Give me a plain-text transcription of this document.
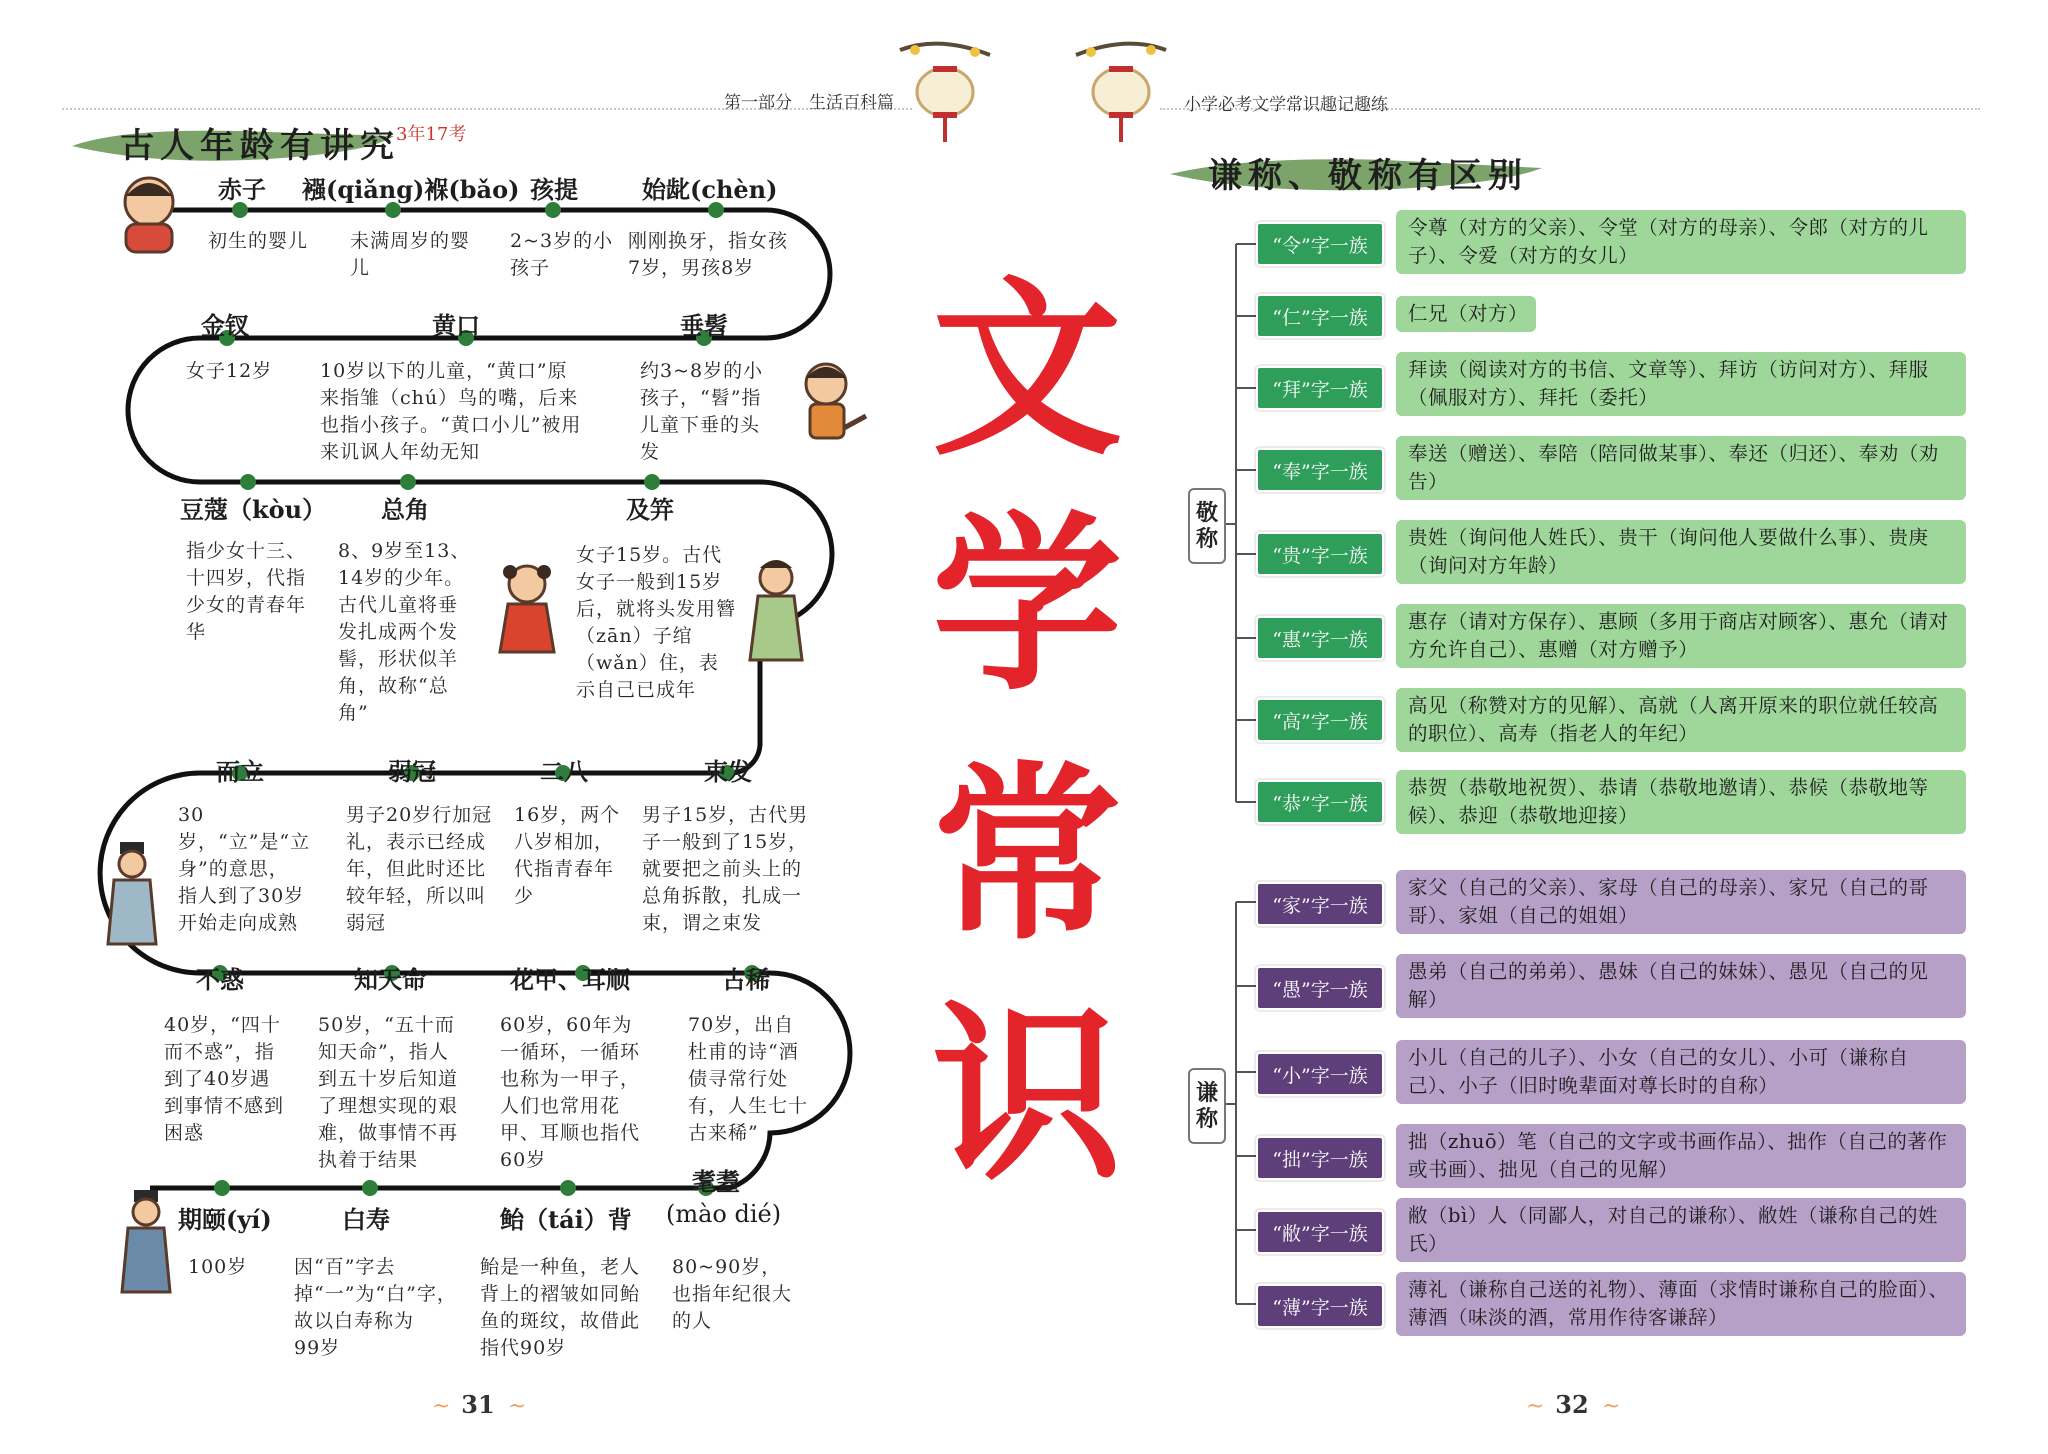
第一部分　生活百科篇
古人年龄有讲究
3年17考
赤子
初生的婴儿
襁(qiǎng)褓(bǎo)
未满周岁的婴儿
孩提
2~3岁的小孩子
始龀(chèn)
刚刚换牙，指女孩7岁，男孩8岁
金钗
女子12岁
黄口
10岁以下的儿童，“黄口”原来指雏（chú）鸟的嘴，后来也指小孩子。“黄口小儿”被用来讥讽人年幼无知
垂髫
约3~8岁的小孩子，“髫”指儿童下垂的头发
豆蔻（kòu）
指少女十三、十四岁，代指少女的青春年华
总角
8、9岁至13、14岁的少年。古代儿童将垂发扎成两个发髻，形状似羊角，故称“总角”
及笄
女子15岁。古代女子一般到15岁后，就将头发用簪（zān）子绾（wǎn）住，表示自己已成年
而立
30岁，“立”是“立身”的意思，指人到了30岁开始走向成熟
弱冠
男子20岁行加冠礼，表示已经成年，但此时还比较年轻，所以叫弱冠
二八
16岁，两个八岁相加，代指青春年少
束发
男子15岁，古代男子一般到了15岁，就要把之前头上的总角拆散，扎成一束，谓之束发
不惑
40岁，“四十而不惑”，指到了40岁遇到事情不感到困惑
知天命
50岁，“五十而知天命”，指人到五十岁后知道了理想实现的艰难，做事情不再执着于结果
花甲、耳顺
60岁，60年为一循环，一循环也称为一甲子，人们也常用花甲、耳顺也指代60岁
古稀
70岁，出自杜甫的诗“酒债寻常行处有，人生七十古来稀”
期颐(yí)
100岁
白寿
因“百”字去掉“一”为“白”字，故以白寿称为99岁
鲐（tái）背
鲐是一种鱼，老人背上的褶皱如同鲐鱼的斑纹，故借此指代90岁
耄耋
(mào dié)
80~90岁，也指年纪很大的人
~ 31 ~
文
学
常
识
小学必考文学常识趣记趣练
谦称、敬称有区别
敬称
谦称
“令”字一族
令尊（对方的父亲）、令堂（对方的母亲）、令郎（对方的儿子）、令爱（对方的女儿）
“仁”字一族	仁兄（对方）
“拜”字一族
拜读（阅读对方的书信、文章等）、拜访（访问对方）、拜服（佩服对方）、拜托（委托）
“奉”字一族
奉送（赠送）、奉陪（陪同做某事）、奉还（归还）、奉劝（劝告）
“贵”字一族
贵姓（询问他人姓氏）、贵干（询问他人要做什么事）、贵庚（询问对方年龄）
“惠”字一族
惠存（请对方保存）、惠顾（多用于商店对顾客）、惠允（请对方允许自己）、惠赠（对方赠予）
“高”字一族
高见（称赞对方的见解）、高就（人离开原来的职位就任较高的职位）、高寿（指老人的年纪）
“恭”字一族
恭贺（恭敬地祝贺）、恭请（恭敬地邀请）、恭候（恭敬地等候）、恭迎（恭敬地迎接）
“家”字一族
家父（自己的父亲）、家母（自己的母亲）、家兄（自己的哥哥）、家姐（自己的姐姐）
“愚”字一族
愚弟（自己的弟弟）、愚妹（自己的妹妹）、愚见（自己的见解）
“小”字一族
小儿（自己的儿子）、小女（自己的女儿）、小可（谦称自己）、小子（旧时晚辈面对尊长时的自称）
“拙”字一族
拙（zhuō）笔（自己的文字或书画作品）、拙作（自己的著作或书画）、拙见（自己的见解）
“敝”字一族
敝（bì）人（同鄙人，对自己的谦称）、敝姓（谦称自己的姓氏）
“薄”字一族
薄礼（谦称自己送的礼物）、薄面（求情时谦称自己的脸面）、薄酒（味淡的酒，常用作待客谦辞）
~ 32 ~
